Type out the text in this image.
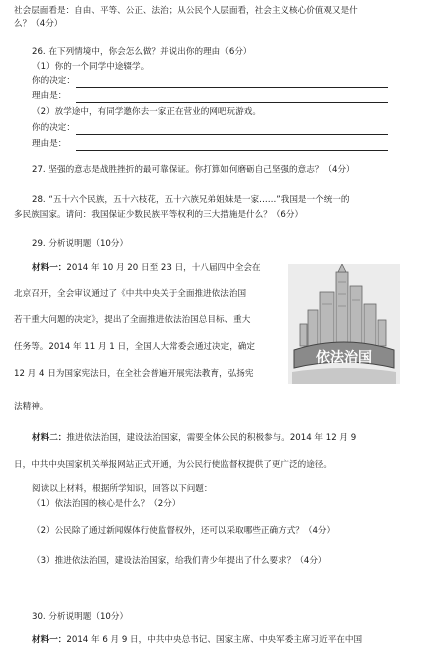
社会层面看是：自由、平等、公正、法治；从公民个人层面看，社会主义核心价值观又是什
么？（4分）
26. 在下列情境中，你会怎么做？并说出你的理由（6分）
（1）你的一个同学中途辍学。
你的决定：
理由是：
（2）放学途中，有同学邀你去一家正在营业的网吧玩游戏。
你的决定：
理由是：
27. 坚强的意志是战胜挫折的最可靠保证。你打算如何磨砺自己坚强的意志？（4分）
28. “五十六个民族，五十六枝花，五十六族兄弟姐妹是一家……”我国是一个统一的
多民族国家。请问：我国保证少数民族平等权利的三大措施是什么？（6分）
29. 分析说明题（10分）
材料一：2014 年 10 月 20 日至 23 日，十八届四中全会在
北京召开，全会审议通过了《中共中央关于全面推进依法治国
若干重大问题的决定》，提出了全面推进依法治国总目标、重大
任务等。2014 年 11 月 1 日，全国人大常委会通过决定，确定
12 月 4 日为国家宪法日，在全社会普遍开展宪法教育，弘扬宪
法精神。
材料二：推进依法治国，建设法治国家，需要全体公民的积极参与。2014 年 12 月 9
日，中共中央国家机关举报网站正式开通，为公民行使监督权提供了更广泛的途径。
阅读以上材料，根据所学知识，回答以下问题：
（1）依法治国的核心是什么？（2分）
（2）公民除了通过新闻媒体行使监督权外，还可以采取哪些正确方式？（4分）
（3）推进依法治国，建设法治国家，给我们青少年提出了什么要求？（4分）
30. 分析说明题（10分）
材料一：2014 年 6 月 9 日，中共中央总书记、国家主席、中央军委主席习近平在中国
依法治国
